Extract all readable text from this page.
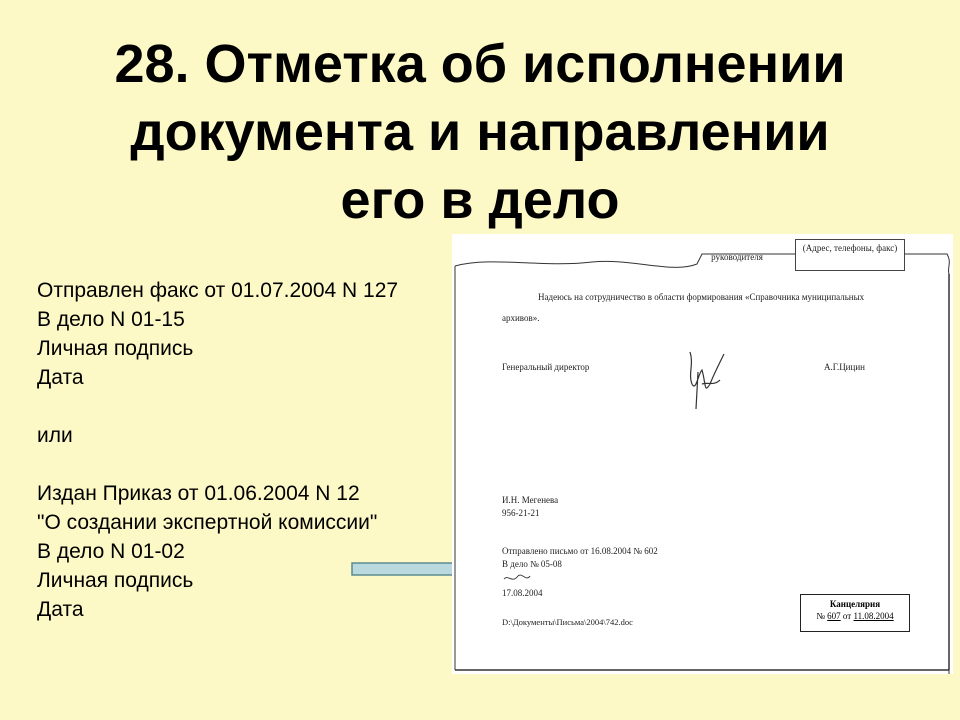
28. Отметка об исполнении
документа и направлении
его в дело
Отправлен факс от 01.07.2004 N 127
В дело N 01-15
Личная подпись
Дата
или
Издан Приказ от 01.06.2004 N 12
"О создании экспертной комиссии"
В дело N 01-02
Личная подпись
Дата
руководителя
(Адрес, телефоны, факс)
Надеюсь на сотрудничество в области формирования «Справочника муниципальных
архивов».
Генеральный директор	А.Г.Цицин
И.Н. Мегенева
956-21-21
Отправлено письмо от 16.08.2004 № 602
В дело № 05-08
17.08.2004
D:\Документы\Письма\2004\742.doc
Канцелярия
№ 607 от 11.08.2004
